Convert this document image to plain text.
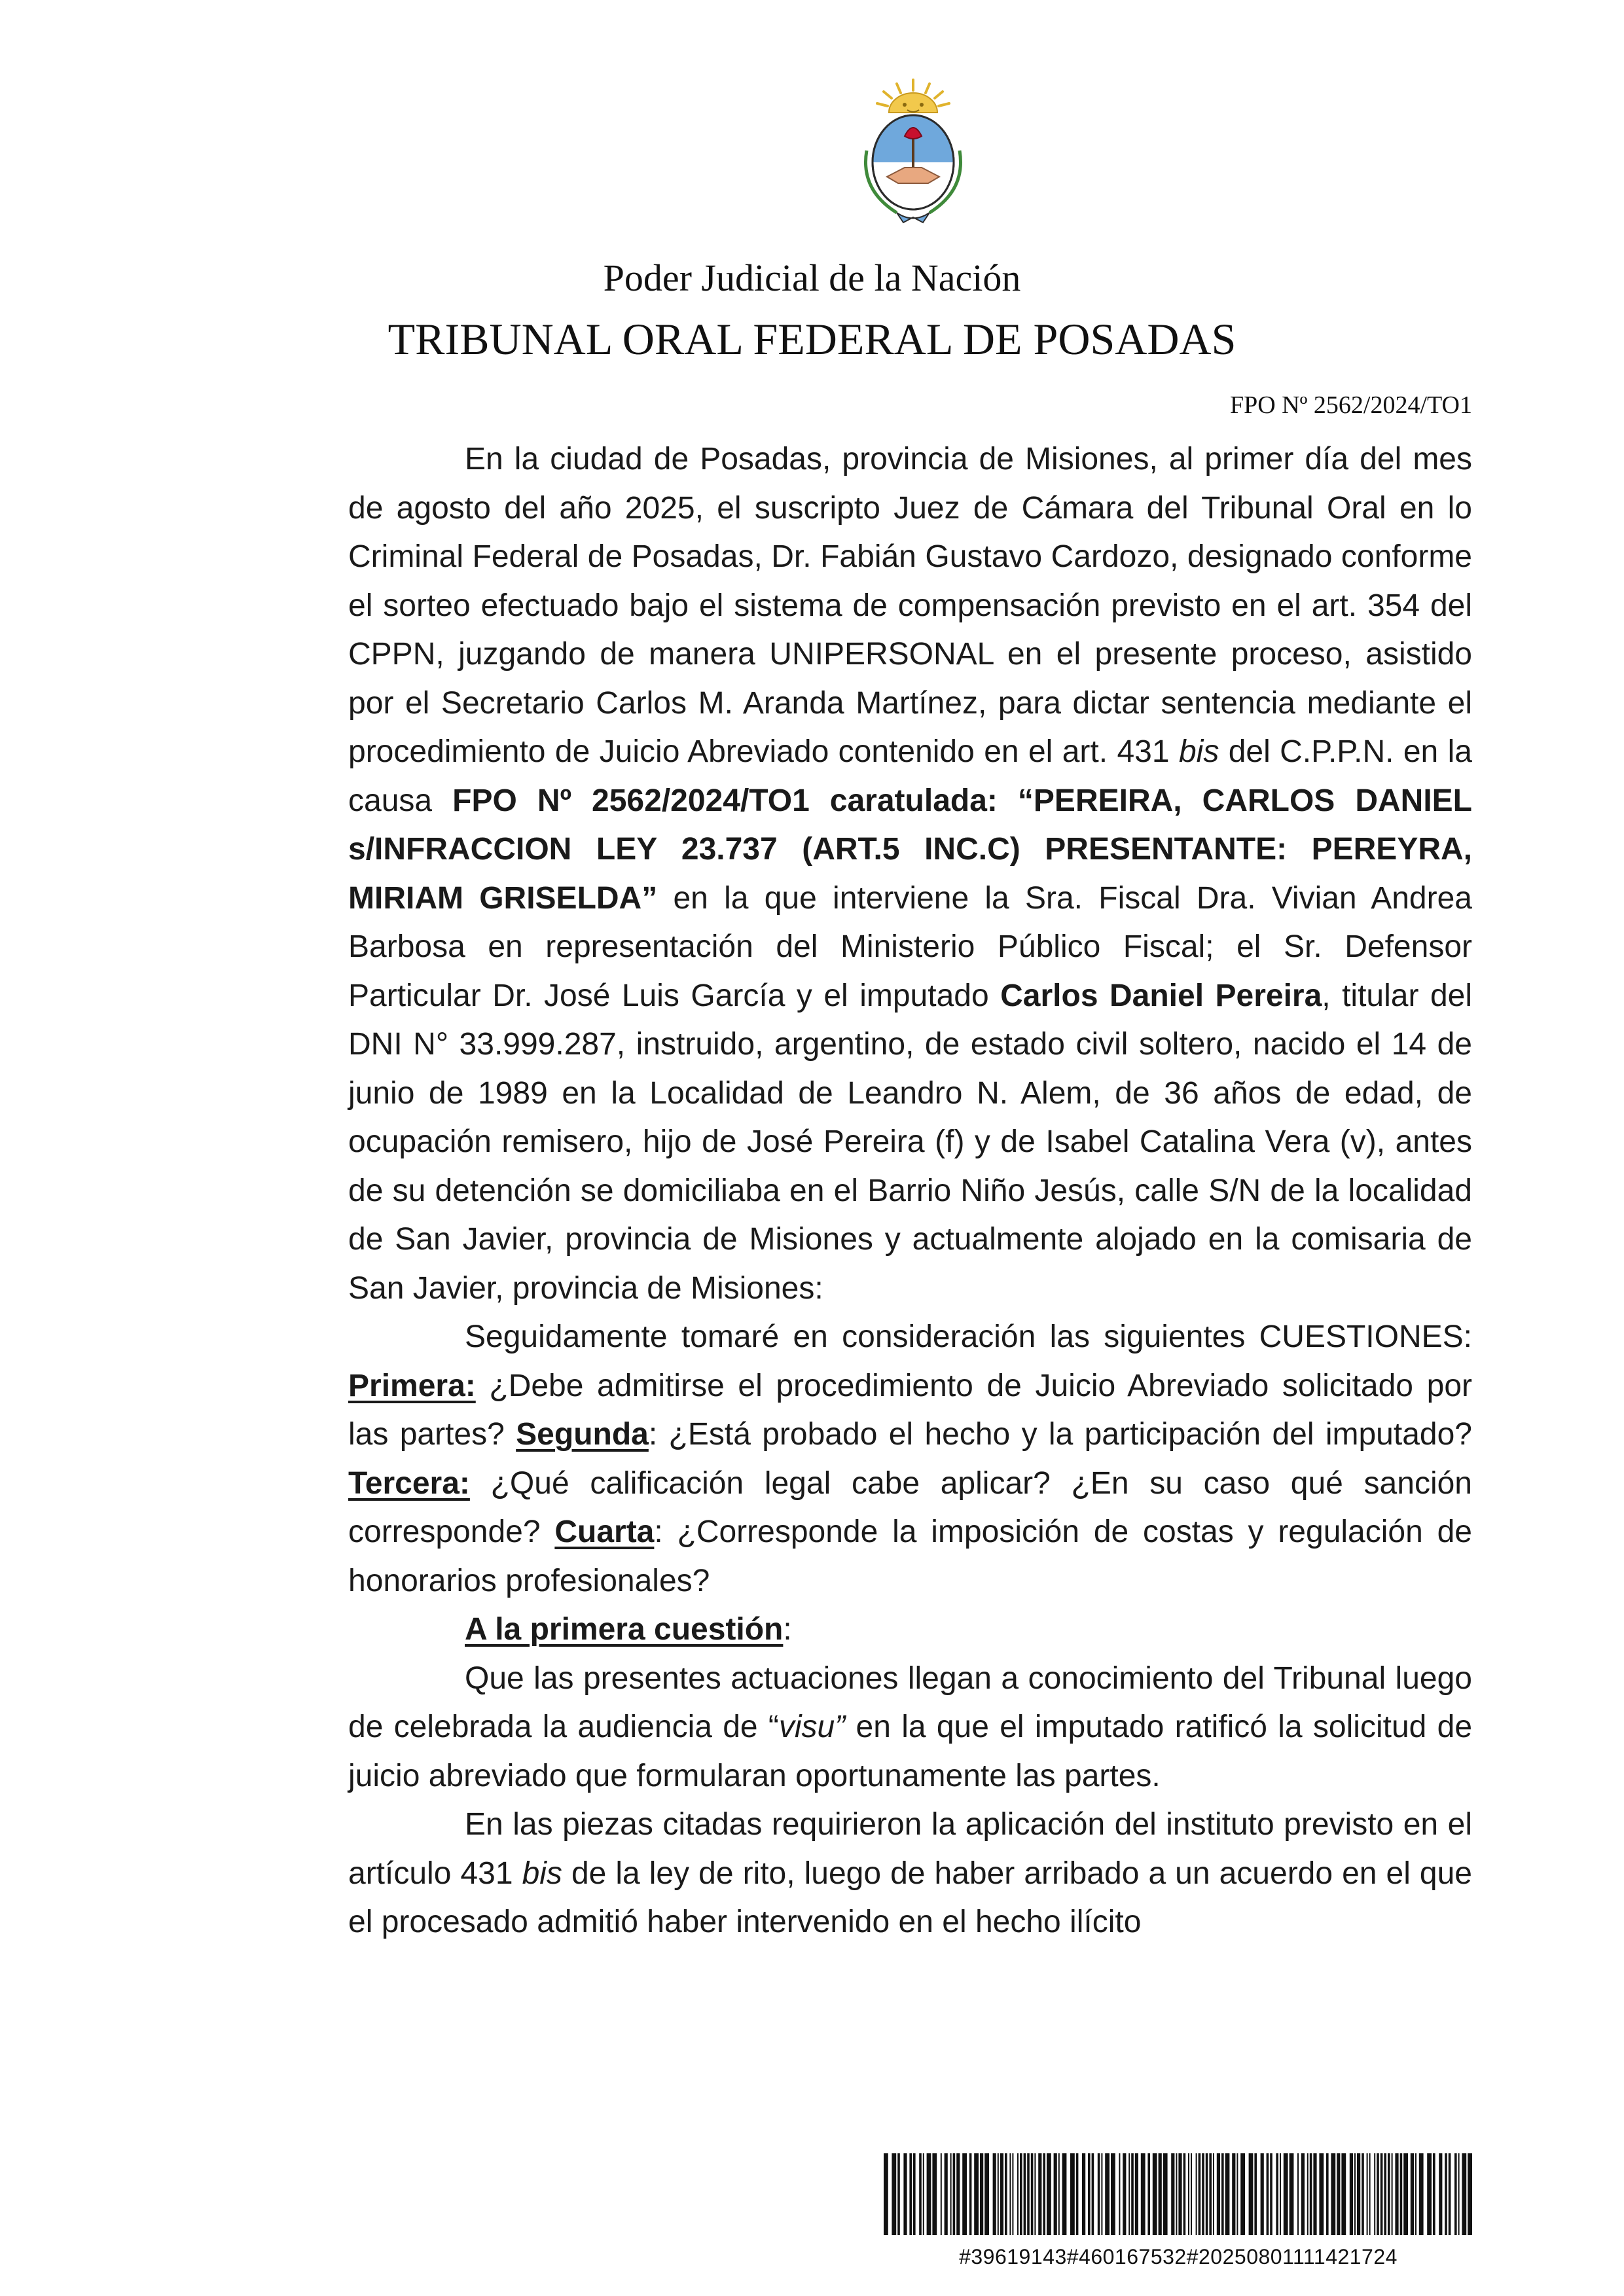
Poder Judicial de la Nación
TRIBUNAL ORAL FEDERAL DE POSADAS
FPO Nº 2562/2024/TO1

En la ciudad de Posadas, provincia de Misiones, al primer día del mes de agosto del año 2025, el suscripto Juez de Cámara del Tribunal Oral en lo Criminal Federal de Posadas, Dr. Fabián Gustavo Cardozo, designado conforme el sorteo efectuado bajo el sistema de compensación previsto en el art. 354 del CPPN, juzgando de manera UNIPERSONAL en el presente proceso, asistido por el Secretario Carlos M. Aranda Martínez, para dictar sentencia mediante el procedimiento de Juicio Abreviado contenido en el art. 431 bis del C.P.P.N. en la causa FPO Nº 2562/2024/TO1 caratulada: “PEREIRA, CARLOS DANIEL s/INFRACCION LEY 23.737 (ART.5 INC.C) PRESENTANTE: PEREYRA, MIRIAM GRISELDA” en la que interviene la Sra. Fiscal Dra. Vivian Andrea Barbosa en representación del Ministerio Público Fiscal; el Sr. Defensor Particular Dr. José Luis García y el imputado Carlos Daniel Pereira, titular del DNI N° 33.999.287, instruido, argentino, de estado civil soltero, nacido el 14 de junio de 1989 en la Localidad de Leandro N. Alem, de 36 años de edad, de ocupación remisero, hijo de José Pereira (f) y de Isabel Catalina Vera (v), antes de su detención se domiciliaba en el Barrio Niño Jesús, calle S/N de la localidad de San Javier, provincia de Misiones y actualmente alojado en la comisaria de San Javier, provincia de Misiones:

Seguidamente tomaré en consideración las siguientes CUESTIONES: Primera: ¿Debe admitirse el procedimiento de Juicio Abreviado solicitado por las partes? Segunda: ¿Está probado el hecho y la participación del imputado? Tercera: ¿Qué calificación legal cabe aplicar? ¿En su caso qué sanción corresponde? Cuarta: ¿Corresponde la imposición de costas y regulación de honorarios profesionales?

A la primera cuestión:

Que las presentes actuaciones llegan a conocimiento del Tribunal luego de celebrada la audiencia de “visu” en la que el imputado ratificó la solicitud de juicio abreviado que formularan oportunamente las partes.

En las piezas citadas requirieron la aplicación del instituto previsto en el artículo 431 bis de la ley de rito, luego de haber arribado a un acuerdo en el que el procesado admitió haber intervenido en el hecho ilícito

#39619143#460167532#20250801111421724
